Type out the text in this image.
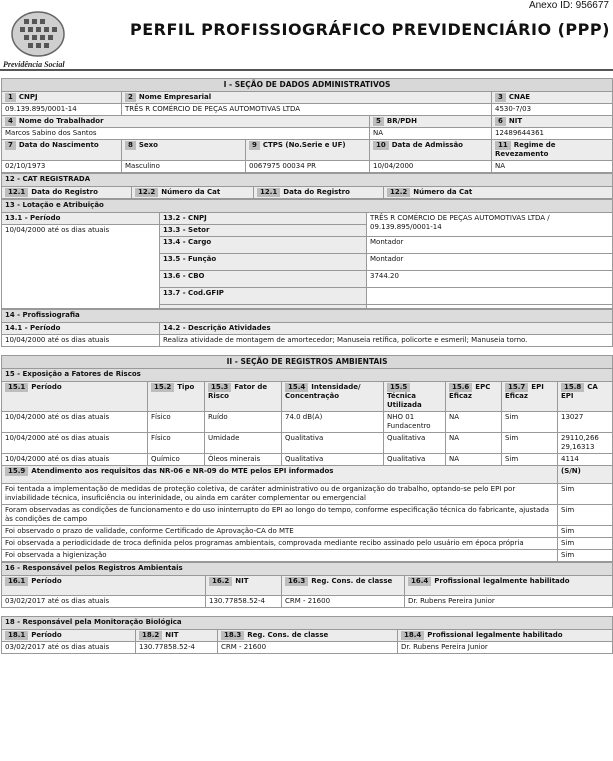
Anexo ID: 956677
Previdência Social
PERFIL PROFISSIOGRÁFICO PREVIDENCIÁRIO (PPP)
I - SEÇÃO DE DADOS ADMINISTRATIVOS				
1 CNPJ	2 Nome Empresarial			3 CNAE
09.139.895/0001-14	TRÊS R COMÉRCIO DE PEÇAS AUTOMOTIVAS LTDA			4530-7/03
4 Nome do Trabalhador			5 BR/PDH	6 NIT
Marcos Sabino dos Santos			NA	12489644361
7 Data do Nascimento	8 Sexo	9 CTPS (No.Serie e UF)	10 Data de Admissão	11 Regime de Revezamento
02/10/1973	Masculino	0067975 00034 PR	10/04/2000	NA
12 - CAT REGISTRADA
12.1 Data do Registro	12.2 Número da Cat	12.1 Data do Registro	12.2 Número da Cat
13 - Lotação e Atribuição		
13.1 - Período	13.2 - CNPJ	TRÊS R COMÉRCIO DE PEÇAS AUTOMOTIVAS LTDA / 09.139.895/0001-14
10/04/2000 até os dias atuais	13.3 - Setor	
	13.4 - Cargo	Montador
	13.5 - Função	Montador
	13.6 - CBO	3744.20
	13.7 - Cod.GFIP	

14 - Profissiografia	
14.1 - Período	14.2 - Descrição Atividades
10/04/2000 até os dias atuais	Realiza atividade de montagem de amortecedor; Manuseia retífica, policorte e esmeril; Manuseia torno.
II - SEÇÃO DE REGISTROS AMBIENTAIS							
15 - Exposição a Fatores de Riscos							
15.1 Período	15.2 Tipo	15.3 Fator de Risco	15.4 Intensidade/ Concentração	15.5Técnica Utilizada	15.6 EPC Eficaz	15.7 EPI Eficaz	15.8 CA EPI
10/04/2000 até os dias atuais	Físico	Ruído	74.0 dB(A)	NHO 01 Fundacentro	NA	Sim	13027
10/04/2000 até os dias atuais	Físico	Umidade	Qualitativa	Qualitativa	NA	Sim	29110,266 29,16313
10/04/2000 até os dias atuais	Químico	Óleos minerais	Qualitativa	Qualitativa	NA	Sim	4114
15.9 Atendimento aos requisitos das NR-06 e NR-09 do MTE pelos EPI informados							(S/N)
Foi tentada a implementação de medidas de proteção coletiva, de caráter administrativo ou de organização do trabalho, optando-se pelo EPI por inviabilidade técnica, insuficiência ou interinidade, ou ainda em caráter complementar ou emergencial							Sim
Foram observadas as condições de funcionamento e do uso ininterrupto do EPI ao longo do tempo, conforme especificação técnica do fabricante, ajustada às condições de campo							Sim
Foi observado o prazo de validade, conforme Certificado de Aprovação-CA do MTE							Sim
Foi observada a periodicidade de troca definida pelos programas ambientais, comprovada mediante recibo assinado pelo usuário em época própria							Sim
Foi observada a higienização							Sim
16 - Responsável pelos Registros Ambientais			
16.1 Período	16.2 NIT	16.3 Reg. Cons. de classe	16.4 Profissional legalmente habilitado
03/02/2017 até os dias atuais	130.77858.52-4	CRM - 21600	Dr. Rubens Pereira Junior
18 - Responsável pela Monitoração Biológica			
18.1 Período	18.2 NIT	18.3 Reg. Cons. de classe	18.4 Profissional legalmente habilitado
03/02/2017 até os dias atuais	130.77858.52-4	CRM - 21600	Dr. Rubens Pereira Junior
